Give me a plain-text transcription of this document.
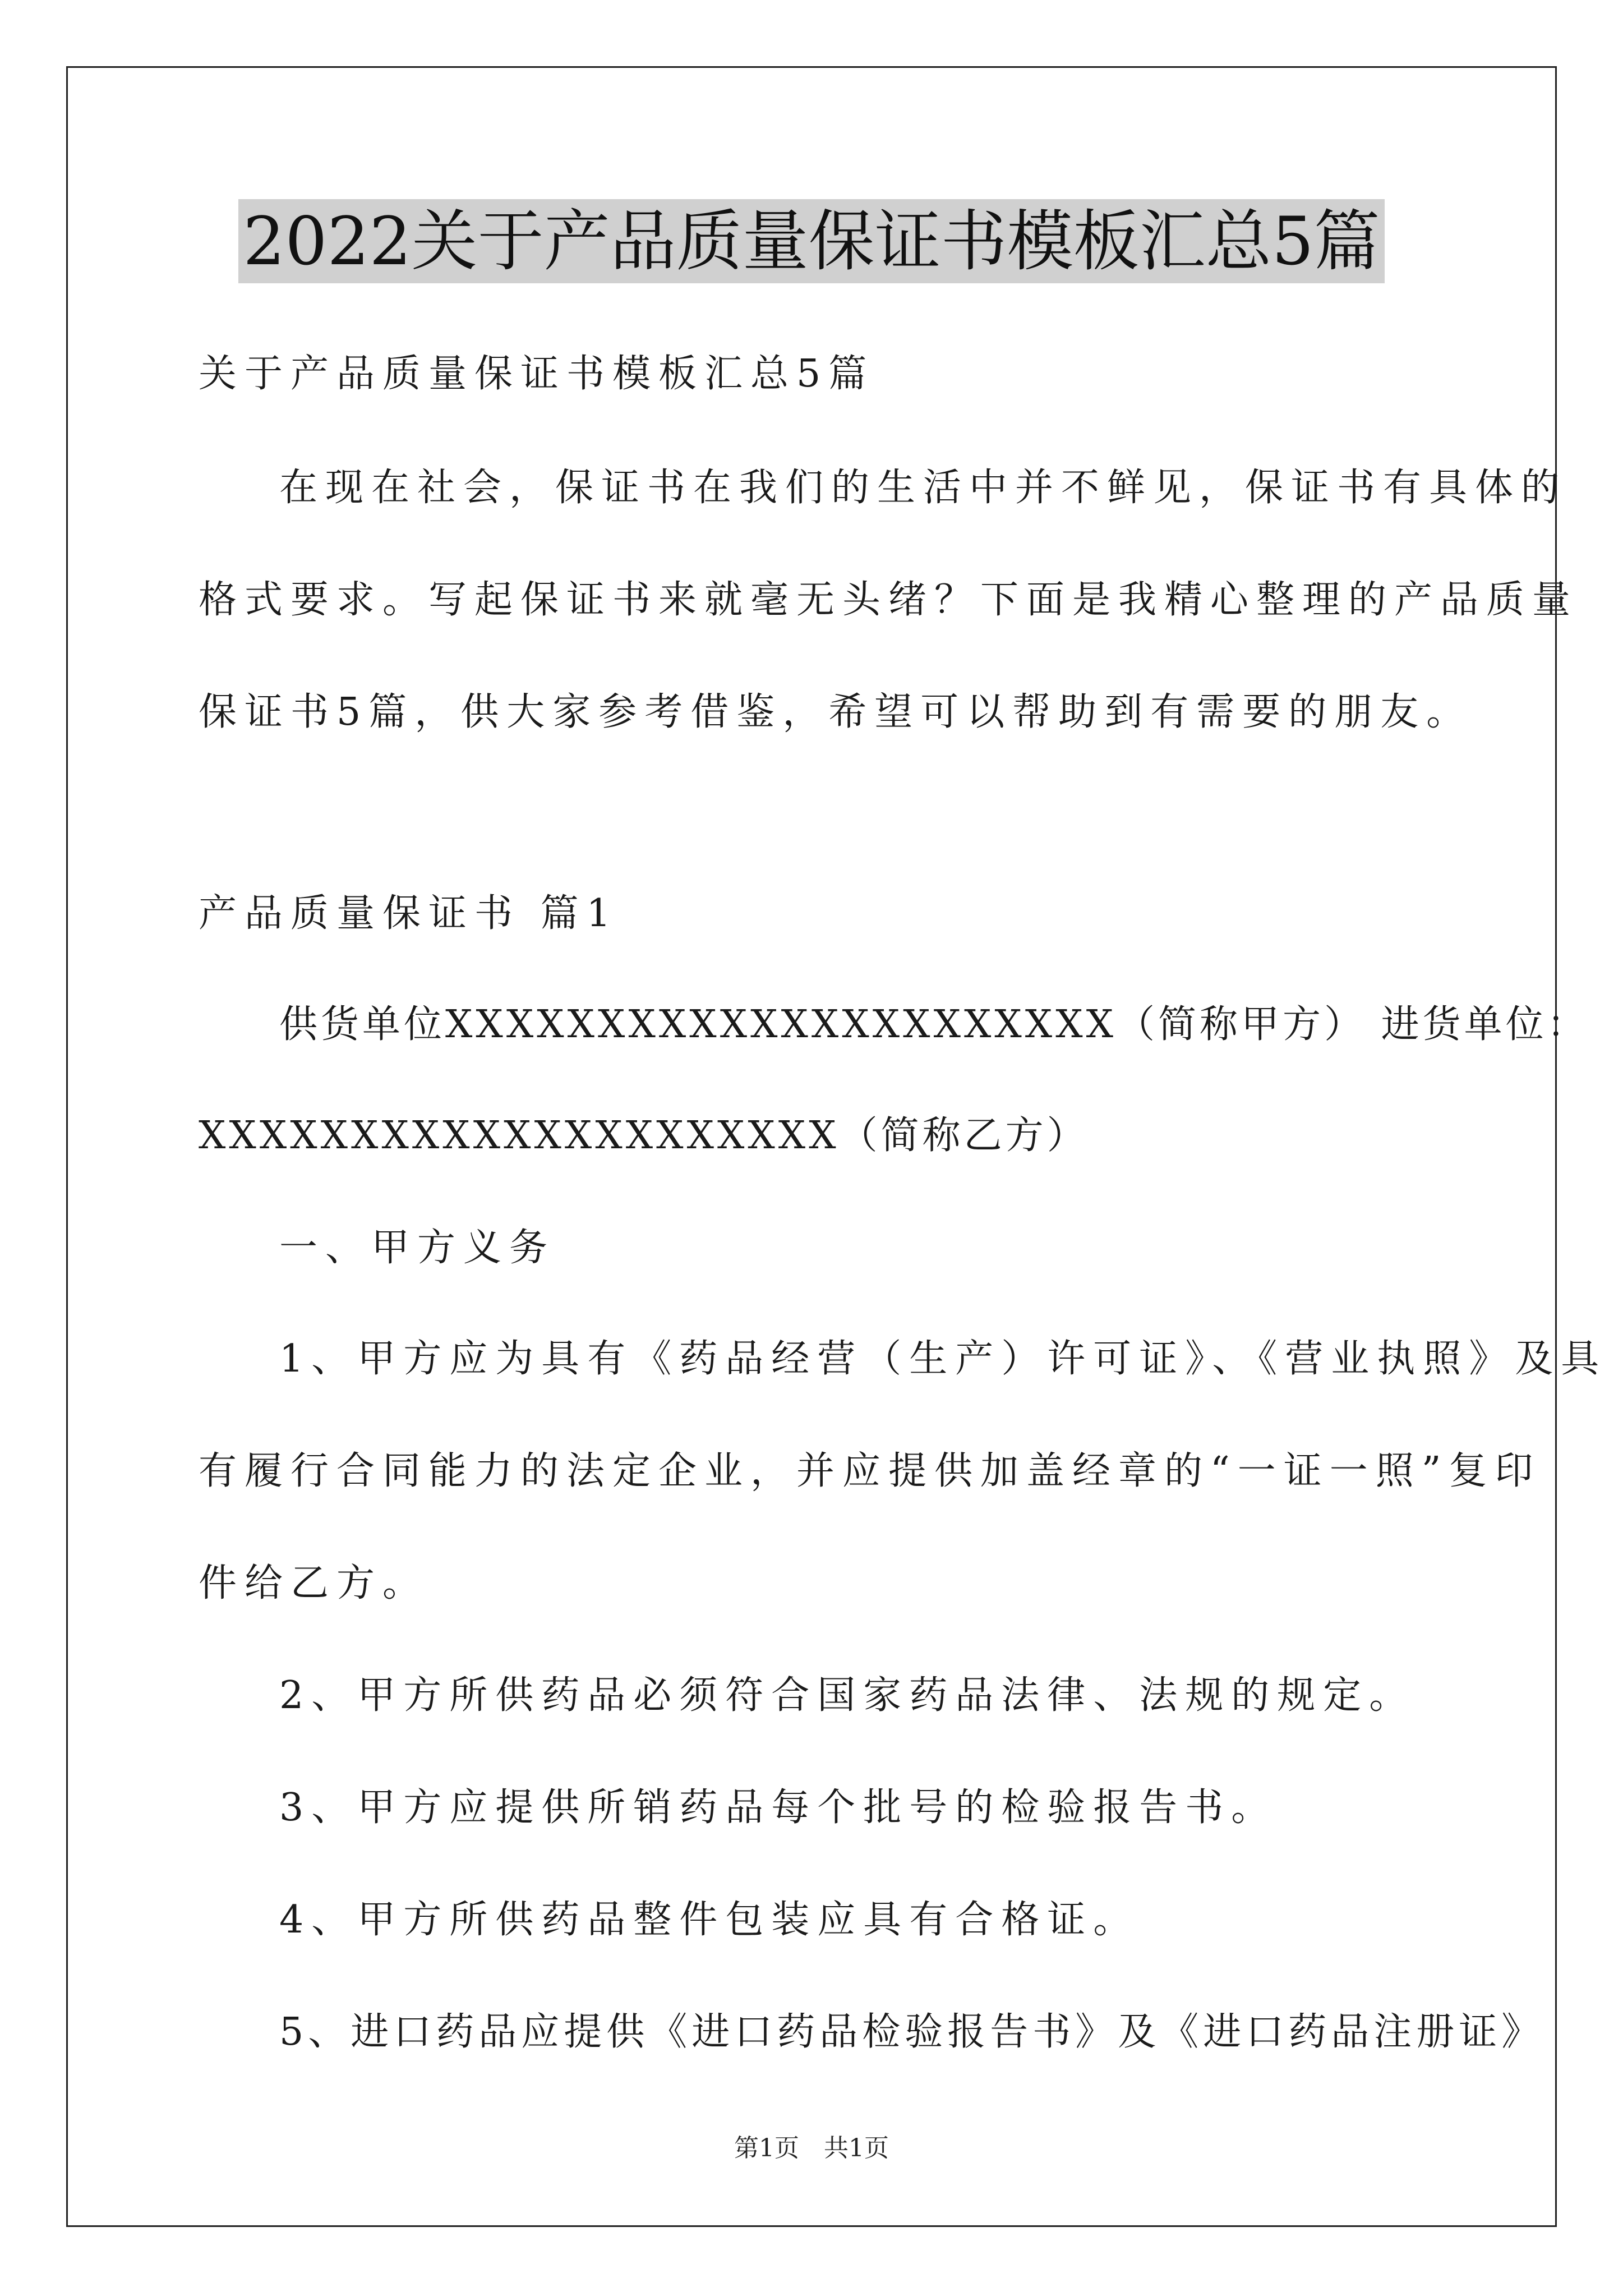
2022关于产品质量保证书模板汇总5篇
关于产品质量保证书模板汇总5篇
在现在社会，保证书在我们的生活中并不鲜见，保证书有具体的
格式要求。写起保证书来就毫无头绪？下面是我精心整理的产品质量
保证书5篇，供大家参考借鉴，希望可以帮助到有需要的朋友。
产品质量保证书 篇1
供货单位XXXXXXXXXXXXXXXXXXXXXX（简称甲方） 进货单位：
XXXXXXXXXXXXXXXXXXXXX（简称乙方）
一、甲方义务
1、甲方应为具有《药品经营（生产）许可证》、《营业执照》及具
有履行合同能力的法定企业，并应提供加盖经章的“一证一照”复印
件给乙方。
2、甲方所供药品必须符合国家药品法律、法规的规定。
3、甲方应提供所销药品每个批号的检验报告书。
4、甲方所供药品整件包装应具有合格证。
5、进口药品应提供《进口药品检验报告书》及《进口药品注册证》
第1页　共1页
